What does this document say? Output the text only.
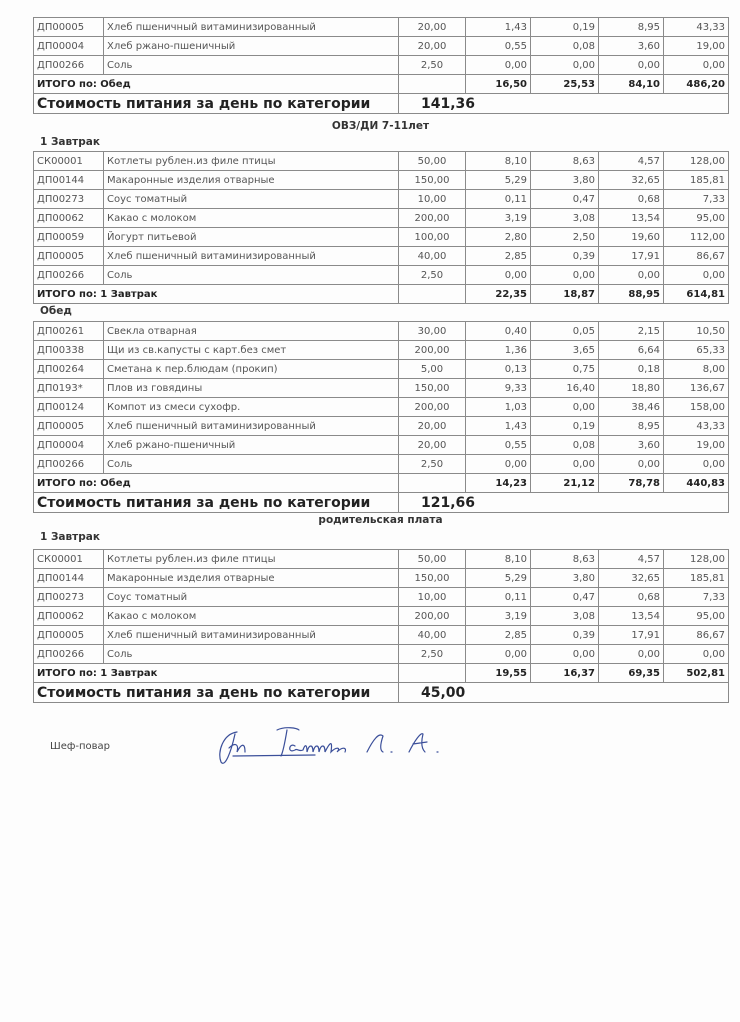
ДП00005	Хлеб пшеничный витаминизированный	20,00	1,43	0,19	8,95	43,33
ДП00004	Хлеб ржано-пшеничный	20,00	0,55	0,08	3,60	19,00
ДП00266	Соль	2,50	0,00	0,00	0,00	0,00
ИТОГО по: Обед			16,50	25,53	84,10	486,20
Стоимость питания за день по категории		141,36				
ОВЗ/ДИ 7-11лет
1 Завтрак
СК00001	Котлеты рублен.из филе птицы	50,00	8,10	8,63	4,57	128,00
ДП00144	Макаронные изделия отварные	150,00	5,29	3,80	32,65	185,81
ДП00273	Соус томатный	10,00	0,11	0,47	0,68	7,33
ДП00062	Какао с молоком	200,00	3,19	3,08	13,54	95,00
ДП00059	Йогурт питьевой	100,00	2,80	2,50	19,60	112,00
ДП00005	Хлеб пшеничный витаминизированный	40,00	2,85	0,39	17,91	86,67
ДП00266	Соль	2,50	0,00	0,00	0,00	0,00
ИТОГО по: 1 Завтрак			22,35	18,87	88,95	614,81
Обед
ДП00261	Свекла отварная	30,00	0,40	0,05	2,15	10,50
ДП00338	Щи из св.капусты с карт.без смет	200,00	1,36	3,65	6,64	65,33
ДП00264	Сметана к пер.блюдам (прокип)	5,00	0,13	0,75	0,18	8,00
ДП0193*	Плов из говядины	150,00	9,33	16,40	18,80	136,67
ДП00124	Компот из смеси сухофр.	200,00	1,03	0,00	38,46	158,00
ДП00005	Хлеб пшеничный витаминизированный	20,00	1,43	0,19	8,95	43,33
ДП00004	Хлеб ржано-пшеничный	20,00	0,55	0,08	3,60	19,00
ДП00266	Соль	2,50	0,00	0,00	0,00	0,00
ИТОГО по: Обед			14,23	21,12	78,78	440,83
Стоимость питания за день по категории		121,66				
родительская плата
1 Завтрак
СК00001	Котлеты рублен.из филе птицы	50,00	8,10	8,63	4,57	128,00
ДП00144	Макаронные изделия отварные	150,00	5,29	3,80	32,65	185,81
ДП00273	Соус томатный	10,00	0,11	0,47	0,68	7,33
ДП00062	Какао с молоком	200,00	3,19	3,08	13,54	95,00
ДП00005	Хлеб пшеничный витаминизированный	40,00	2,85	0,39	17,91	86,67
ДП00266	Соль	2,50	0,00	0,00	0,00	0,00
ИТОГО по: 1 Завтрак			19,55	16,37	69,35	502,81
Стоимость питания за день по категории		45,00				
Шеф-повар
